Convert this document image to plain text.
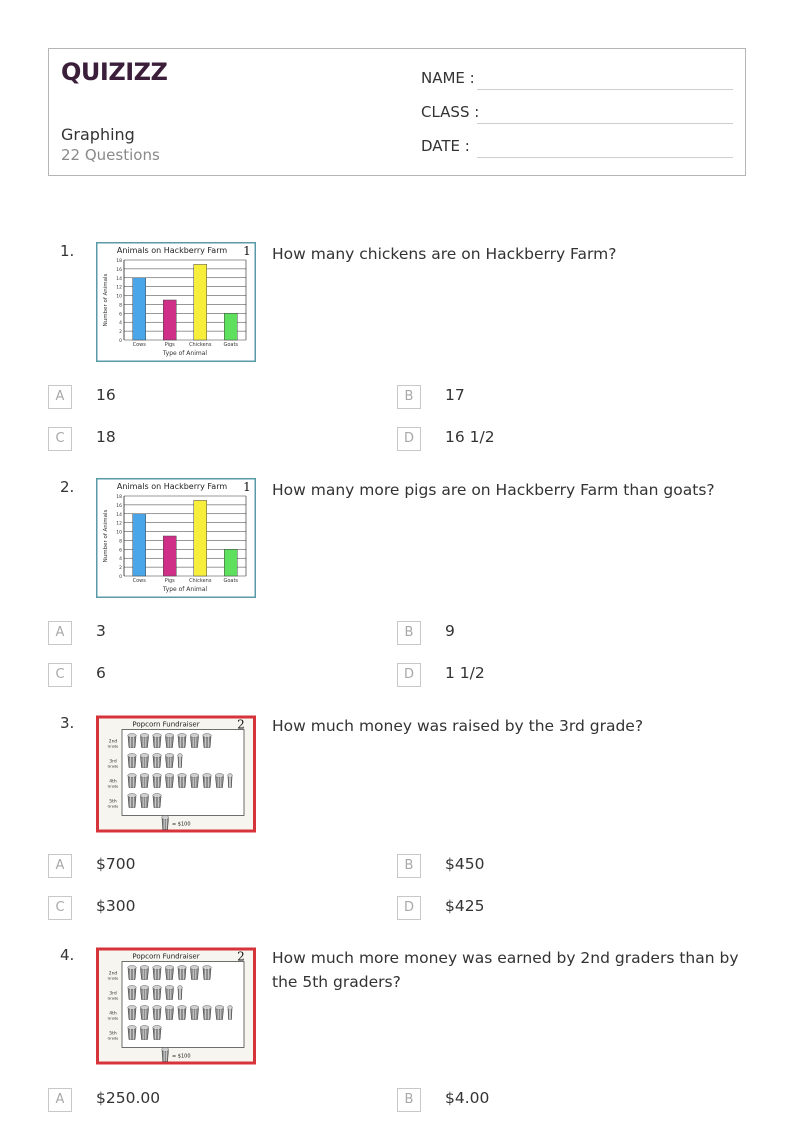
QUIZIZZ
Graphing
22 Questions
NAME :
CLASS :
DATE :
1.	Animals on Hackberry Farm 1
0
2
4
6
8
10
12
14
16
18
Cows	Pigs	Chickens Goats
Type of Animal
Number of Animals
How many chickens are on Hackberry Farm?
A	16	B	17
C	18	D	16 1/2
2.	Animals on Hackberry Farm 1
0
2
4
6
8
10
12
14
16
18
Cows	Pigs	Chickens Goats
Type of Animal
Number of Animals
How many more pigs are on Hackberry Farm than goats?
A	3	B	9
C	6	D	1 1/2
3.	Popcorn Fundraiser	2
2nd
Grade
3rd
Grade
4th
Grade
5th
Grade
= $100
How much money was raised by the 3rd grade?
A	$700	B	$450
C	$300	D	$425
4.	Popcorn Fundraiser	2
2nd
Grade
3rd
Grade
4th
Grade
5th
Grade
= $100
How much more money was earned by 2nd graders than by the 5th graders?
A	$250.00	B	$4.00
